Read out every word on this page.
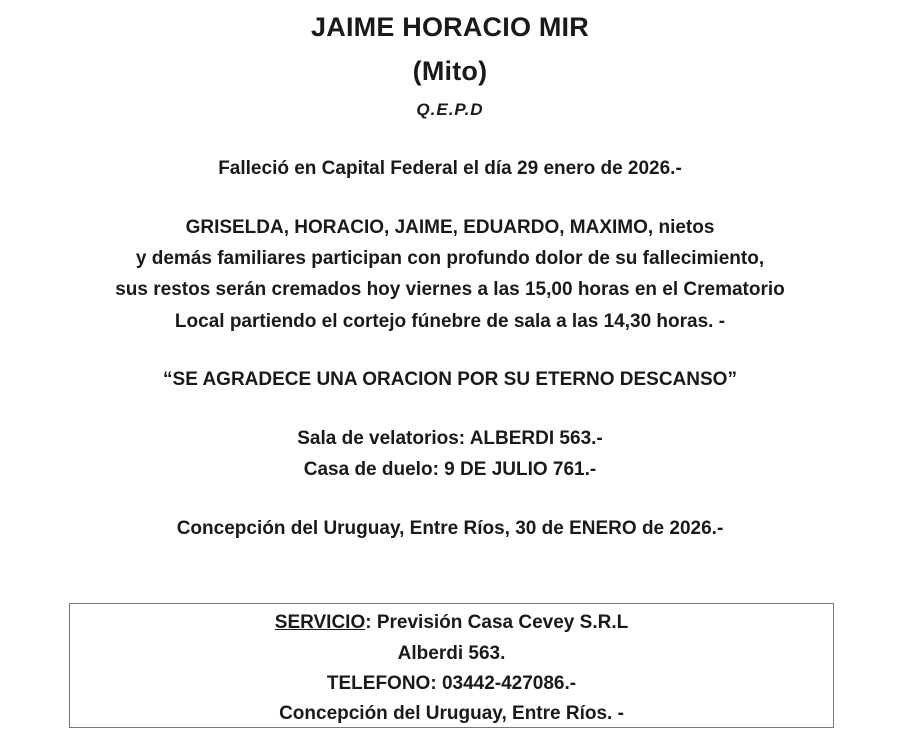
JAIME HORACIO MIR
(Mito)
Q.E.P.D
Falleció en Capital Federal el día 29 enero de 2026.-
GRISELDA, HORACIO, JAIME, EDUARDO, MAXIMO, nietos
y demás familiares participan con profundo dolor de su fallecimiento,
sus restos serán cremados hoy viernes a las 15,00 horas en el Crematorio
Local partiendo el cortejo fúnebre de sala a las 14,30 horas. -
“SE AGRADECE UNA ORACION POR SU ETERNO DESCANSO”
Sala de velatorios: ALBERDI 563.-
Casa de duelo: 9 DE JULIO 761.-
Concepción del Uruguay, Entre Ríos, 30 de ENERO de 2026.-
SERVICIO: Previsión Casa Cevey S.R.L
Alberdi 563.
TELEFONO: 03442-427086.-
Concepción del Uruguay, Entre Ríos. -
